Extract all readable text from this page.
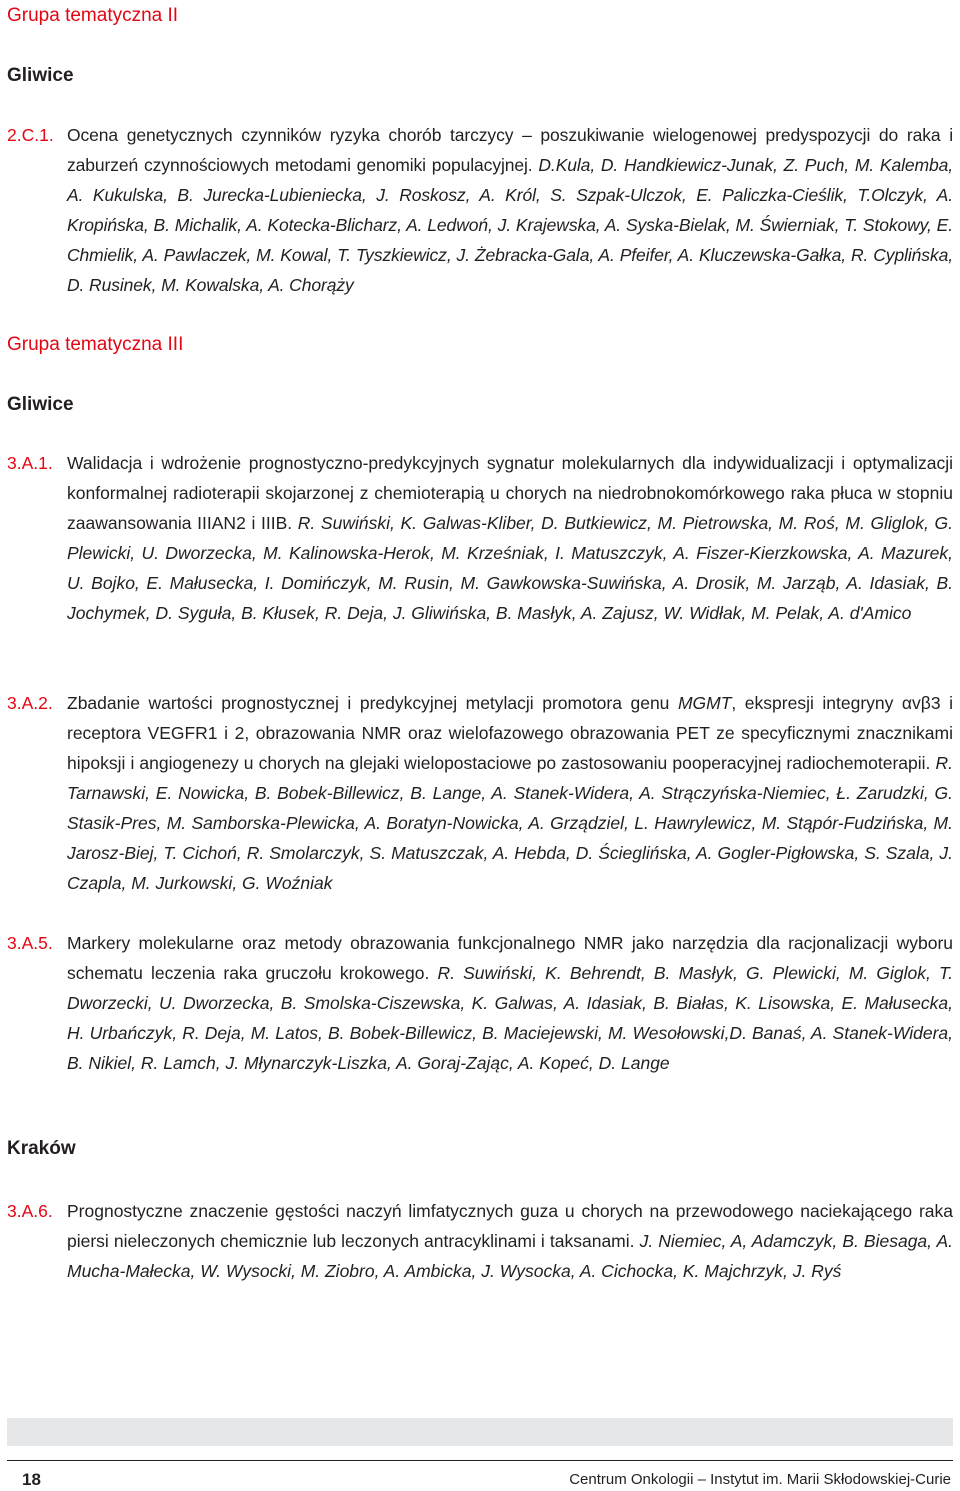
Grupa tematyczna II
Gliwice
2.C.1. Ocena genetycznych czynników ryzyka chorób tarczycy – poszukiwanie wielogenowej predyspozycji do raka i zaburzeń czynnościowych metodami genomiki populacyjnej. D.Kula, D. Handkiewicz-Junak, Z. Puch, M. Kalemba, A. Kukulska, B. Jurecka-Lubieniecka, J. Roskosz, A. Król, S. Szpak-Ulczok, E. Paliczka-Cieślik, T.Olczyk, A. Kropińska, B. Michalik, A. Kotecka-Blicharz, A. Ledwoń, J. Krajewska, A. Syska-Bielak, M. Świerniak, T. Stokowy, E. Chmielik, A. Pawlaczek, M. Kowal, T. Tyszkiewicz, J. Żebracka-Gala, A. Pfeifer, A. Kluczewska-Gałka, R. Cyplińska, D. Rusinek, M. Kowalska, A. Chorąży

Grupa tematyczna III
Gliwice
3.A.1. Walidacja i wdrożenie prognostyczno-predykcyjnych sygnatur molekularnych dla indywidualizacji i optymalizacji konformalnej radioterapii skojarzonej z chemioterapią u chorych na niedrobnokomórkowego raka płuca w stopniu zaawansowania IIIAN2 i IIIB. R. Suwiński, K. Galwas-Kliber, D. Butkiewicz, M. Pietrowska, M. Roś, M. Gliglok, G. Plewicki, U. Dworzecka, M. Kalinowska-Herok, M. Krześniak, I. Matuszczyk, A. Fiszer-Kierzkowska, A. Mazurek, U. Bojko, E. Małusecka, I. Domińczyk, M. Rusin, M. Gawkowska-Suwińska, A. Drosik, M. Jarząb, A. Idasiak, B. Jochymek, D. Syguła, B. Kłusek, R. Deja, J. Gliwińska, B. Masłyk, A. Zajusz, W. Widłak, M. Pelak, A. d'Amico

3.A.2. Zbadanie wartości prognostycznej i predykcyjnej metylacji promotora genu MGMT, ekspresji integryny αvβ3 i receptora VEGFR1 i 2, obrazowania NMR oraz wielofazowego obrazowania PET ze specyficznymi znacznikami hipoksji i angiogenezy u chorych na glejaki wielopostaciowe po zastosowaniu pooperacyjnej radiochemoterapii. R. Tarnawski, E. Nowicka, B. Bobek-Billewicz, B. Lange, A. Stanek-Widera, A. Strączyńska-Niemiec, Ł. Zarudzki, G. Stasik-Pres, M. Samborska-Plewicka, A. Boratyn-Nowicka, A. Grządziel, L. Hawrylewicz, M. Stąpór-Fudzińska, M. Jarosz-Biej, T. Cichoń, R. Smolarczyk, S. Matuszczak, A. Hebda, D. Ścieglińska, A. Gogler-Pigłowska, S. Szala, J. Czapla, M. Jurkowski, G. Woźniak

3.A.5. Markery molekularne oraz metody obrazowania funkcjonalnego NMR jako narzędzia dla racjonalizacji wyboru schematu leczenia raka gruczołu krokowego. R. Suwiński, K. Behrendt, B. Masłyk, G. Plewicki, M. Giglok, T. Dworzecki, U. Dworzecka, B. Smolska-Ciszewska, K. Galwas, A. Idasiak, B. Białas, K. Lisowska, E. Małusecka, H. Urbańczyk, R. Deja, M. Latos, B. Bobek-Billewicz, B. Maciejewski, M. Wesołowski,D. Banaś, A. Stanek-Widera, B. Nikiel, R. Lamch, J. Młynarczyk-Liszka, A. Goraj-Zając, A. Kopeć, D. Lange

Kraków
3.A.6. Prognostyczne znaczenie gęstości naczyń limfatycznych guza u chorych na przewodowego naciekającego raka piersi nieleczonych chemicznie lub leczonych antracyklinami i taksanami. J. Niemiec, A, Adamczyk, B. Biesaga, A. Mucha-Małecka, W. Wysocki, M. Ziobro, A. Ambicka, J. Wysocka, A. Cichocka, K. Majchrzyk, J. Ryś

18	Centrum Onkologii – Instytut im. Marii Skłodowskiej-Curie
